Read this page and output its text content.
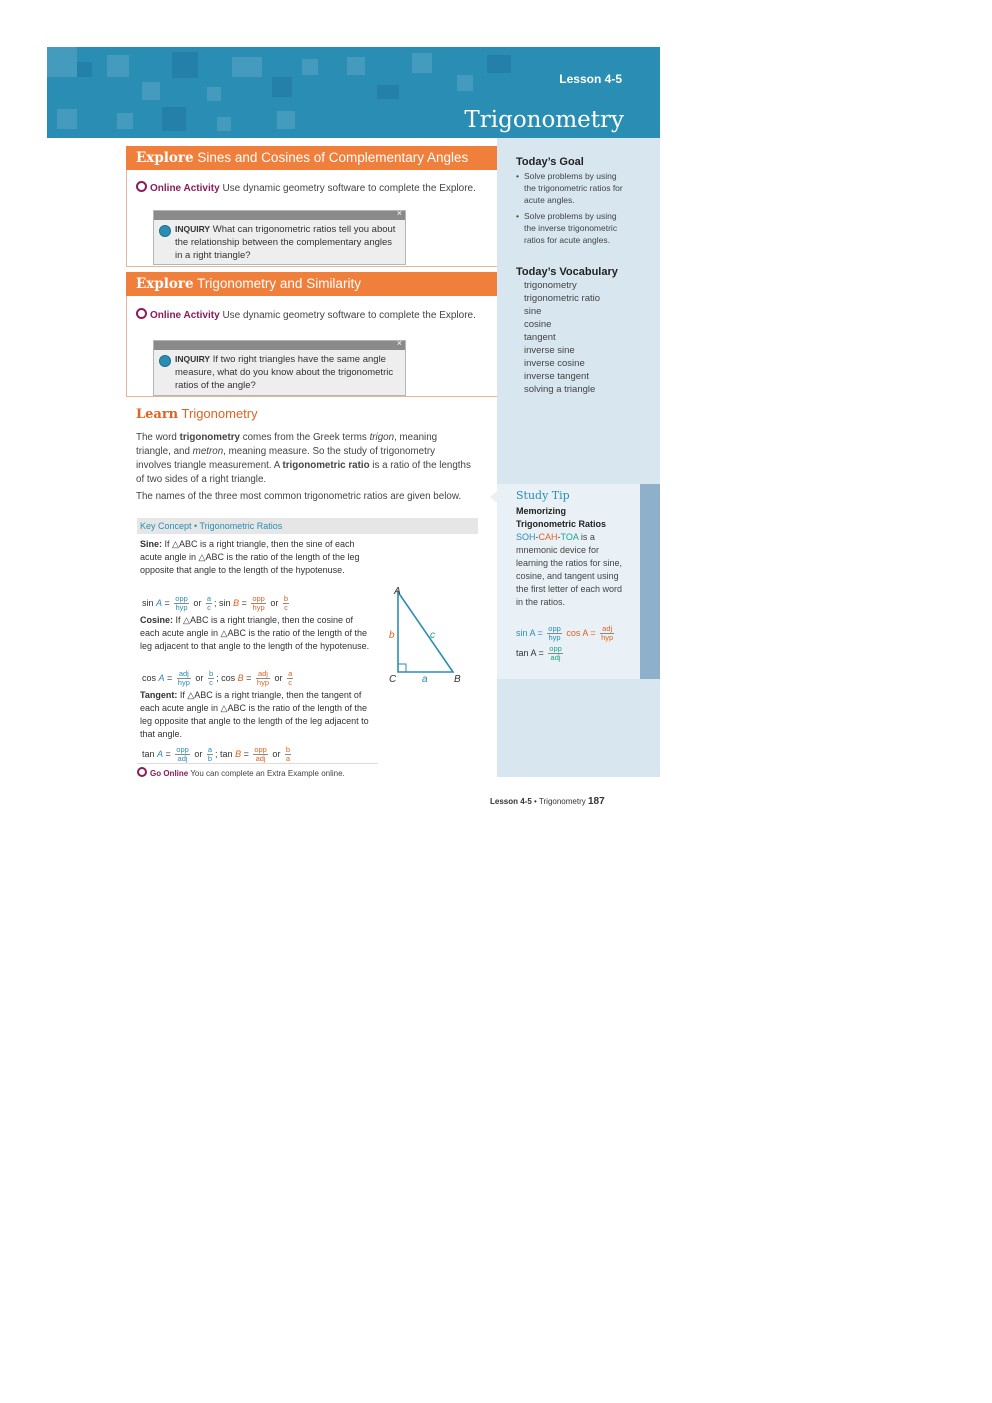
Lesson 4-5
Trigonometry
Today’s Goal
• Solve problems by using the trigonometric ratios for acute angles.
• Solve problems by using the inverse trigonometric ratios for acute angles.
Today’s Vocabulary
trigonometry
trigonometric ratio
sine
cosine
tangent
inverse sine
inverse cosine
inverse tangent
solving a triangle
Study Tip
Memorizing Trigonometric Ratios
SOH-CAH-TOA is a mnemonic device for learning the ratios for sine, cosine, and tangent using the first letter of each word in the ratios.
$\sin A = \frac{\text{opp}}{\text{hyp}}$ $\cos A = \frac{\text{adj}}{\text{hyp}}$
$\tan A = \frac{\text{opp}}{\text{adj}}$
Explore Sines and Cosines of Complementary Angles
Online Activity Use dynamic geometry software to complete the Explore.
×
INQUIRY What can trigonometric ratios tell you about the relationship between the complementary angles in a right triangle?
Explore Trigonometry and Similarity
Online Activity Use dynamic geometry software to complete the Explore.
×
INQUIRY If two right triangles have the same angle measure, what do you know about the trigonometric ratios of the angle?
Learn Trigonometry
The word trigonometry comes from the Greek terms trigon, meaning triangle, and metron, meaning measure. So the study of trigonometry involves triangle measurement. A trigonometric ratio is a ratio of the lengths of two sides of a right triangle.
The names of the three most common trigonometric ratios are given below.
Key Concept • Trigonometric Ratios
Sine: If △ABC is a right triangle, then the sine of each acute angle in △ABC is the ratio of the length of the leg opposite that angle to the length of the hypotenuse.
$\sin A = \frac{\text{opp}}{\text{hyp}}$ or $\frac{a}{c}$ ; $\sin B = \frac{\text{opp}}{\text{hyp}}$ or $\frac{b}{c}$
Cosine: If △ABC is a right triangle, then the cosine of each acute angle in △ABC is the ratio of the length of the leg adjacent to that angle to the length of the hypotenuse.
$\cos A = \frac{\text{adj}}{\text{hyp}}$ or $\frac{b}{c}$ ; $\cos B = \frac{\text{adj}}{\text{hyp}}$ or $\frac{a}{c}$
Tangent: If △ABC is a right triangle, then the tangent of each acute angle in △ABC is the ratio of the length of the leg opposite that angle to the length of the leg adjacent to that angle.
$\tan A = \frac{\text{opp}}{\text{adj}}$ or $\frac{a}{b}$ ; $\tan B = \frac{\text{opp}}{\text{adj}}$ or $\frac{b}{a}$
Go Online You can complete an Extra Example online.
A
C	B
a
b	c
Lesson 4-5 • Trigonometry 187
